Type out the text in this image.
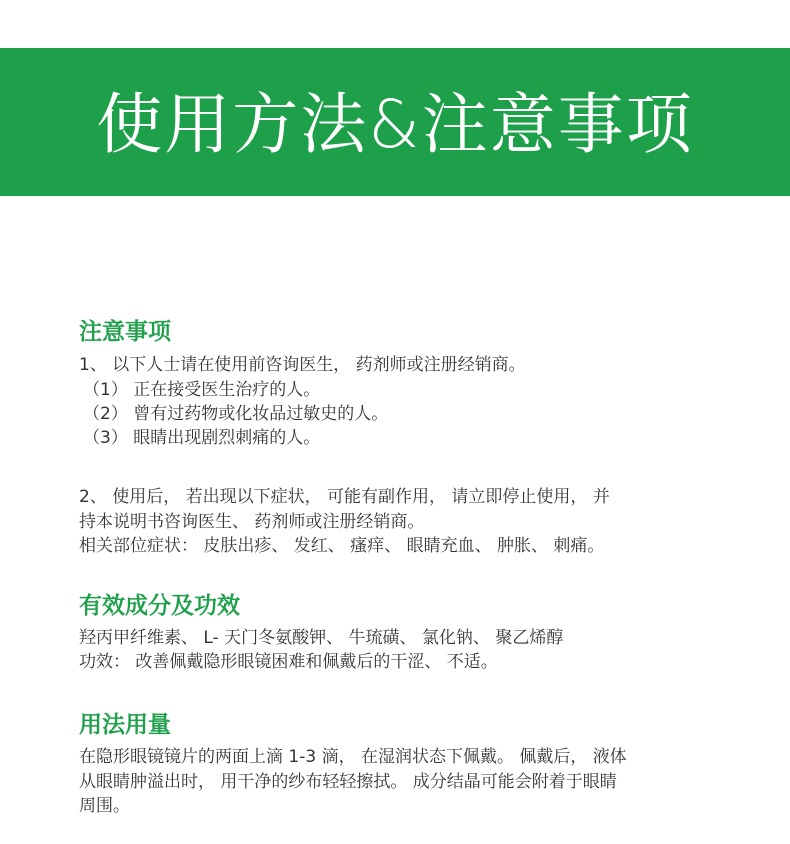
使用方法&注意事项
注意事项

1、 以下人士请在使用前咨询医生， 药剂师或注册经销商。

（1） 正在接受医生治疗的人。

（2） 曾有过药物或化妆品过敏史的人。

（3） 眼睛出现剧烈刺痛的人。

2、 使用后， 若出现以下症状， 可能有副作用， 请立即停止使用， 并

持本说明书咨询医生、 药剂师或注册经销商。

相关部位症状： 皮肤出疹、 发红、 瘙痒、 眼睛充血、 肿胀、 刺痛。

有效成分及功效

羟丙甲纤维素、 L- 天门冬氨酸钾、 牛琉磺、 氯化钠、 聚乙烯醇

功效： 改善佩戴隐形眼镜困难和佩戴后的干涩、 不适。

用法用量

在隐形眼镜镜片的两面上滴 1-3 滴， 在湿润状态下佩戴。 佩戴后， 液体

从眼睛肿溢出时， 用干净的纱布轻轻擦拭。 成分结晶可能会附着于眼睛

周围。
